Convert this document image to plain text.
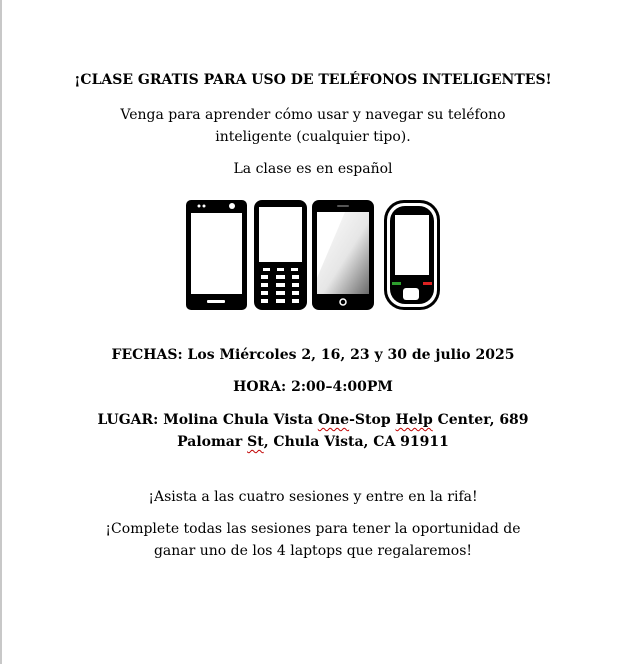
¡CLASE GRATIS PARA USO DE TELÉFONOS INTELIGENTES!
Venga para aprender cómo usar y navegar su teléfono
inteligente (cualquier tipo).
La clase es en español
FECHAS: Los Miércoles 2, 16, 23 y 30 de julio 2025
HORA: 2:00–4:00PM
LUGAR: Molina Chula Vista One-Stop Help Center, 689
Palomar St, Chula Vista, CA 91911
¡Asista a las cuatro sesiones y entre en la rifa!
¡Complete todas las sesiones para tener la oportunidad de
ganar uno de los 4 laptops que regalaremos!
